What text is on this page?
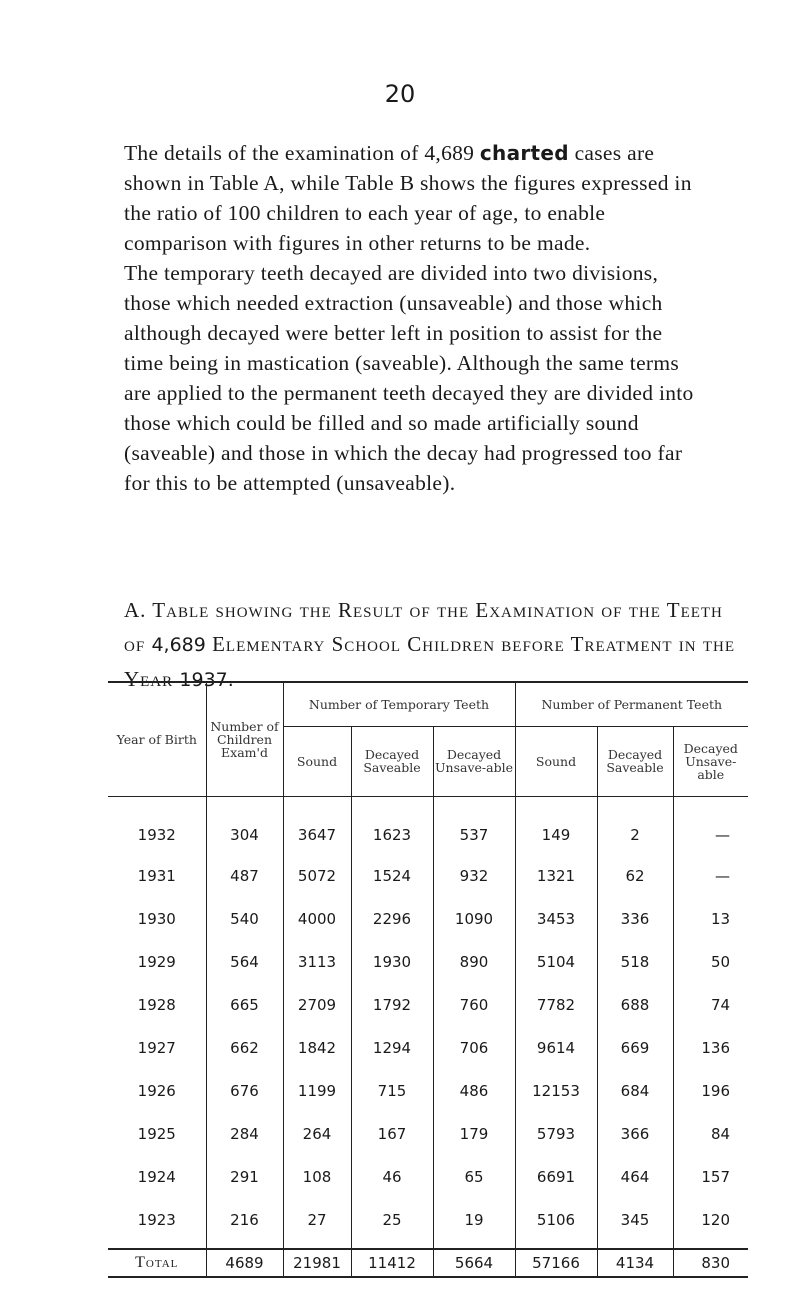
20

The details of the examination of 4,689 charted cases are shown in Table A, while Table B shows the figures expressed in the ratio of 100 children to each year of age, to enable comparison with figures in other returns to be made.

The temporary teeth decayed are divided into two divisions, those which needed extraction (unsaveable) and those which although decayed were better left in position to assist for the time being in mastication (saveable). Although the same terms are applied to the permanent teeth decayed they are divided into those which could be filled and so made artificially sound (saveable) and those in which the decay had progressed too far for this to be attempted (unsaveable).

A. Table showing the Result of the Examination of the Teeth of 4,689 Elementary School Children before Treatment in the Year 1937.

Year of Birth	Number of Children Exam'd	Number of Temporary Teeth			Number of Permanent Teeth		
		Sound	Decayed Saveable	Decayed Unsave-able	Sound	Decayed Saveable	Decayed Unsave-able
1932	304	3647	1623	537	149	2	—
1931	487	5072	1524	932	1321	62	—
1930	540	4000	2296	1090	3453	336	13
1929	564	3113	1930	890	5104	518	50
1928	665	2709	1792	760	7782	688	74
1927	662	1842	1294	706	9614	669	136
1926	676	1199	715	486	12153	684	196
1925	284	264	167	179	5793	366	84
1924	291	108	46	65	6691	464	157
1923	216	27	25	19	5106	345	120
Total	4689	21981	11412	5664	57166	4134	830
